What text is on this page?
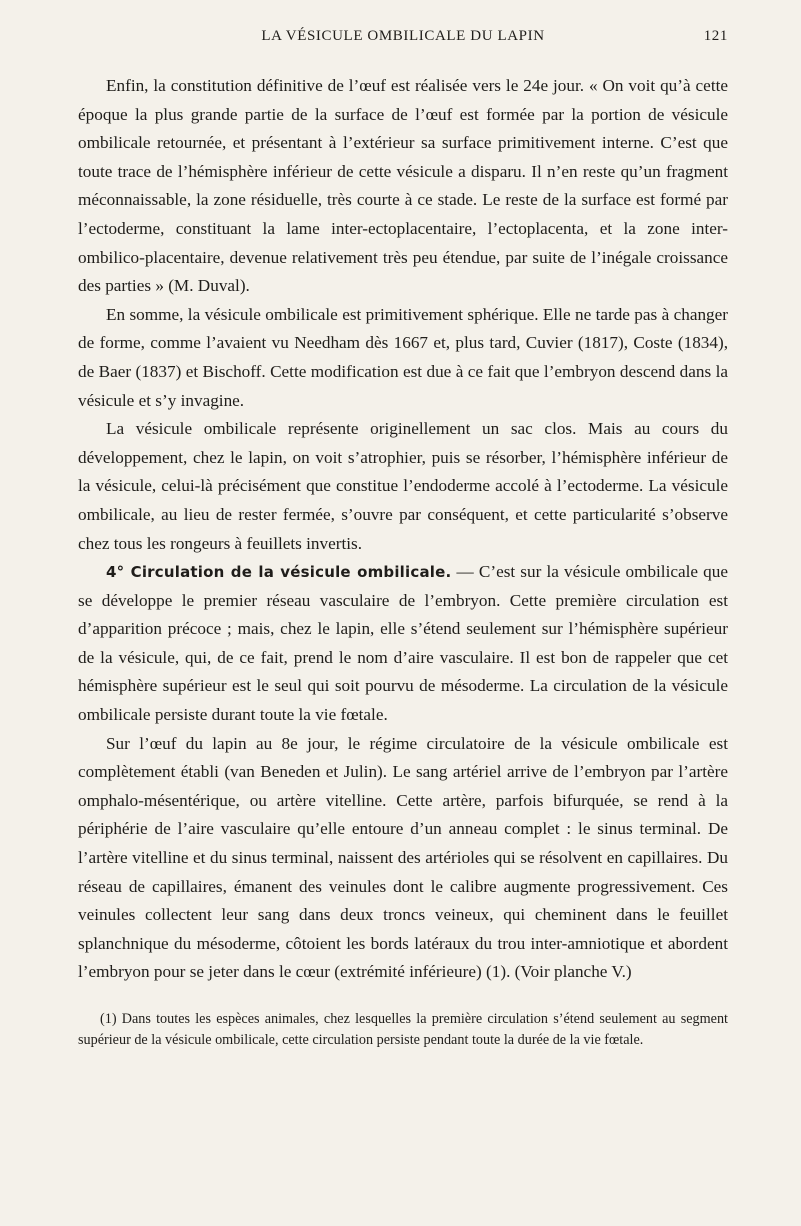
LA VÉSICULE OMBILICALE DU LAPIN	121

Enfin, la constitution définitive de l’œuf est réalisée vers le 24e jour. « On voit qu’à cette époque la plus grande partie de la surface de l’œuf est formée par la portion de vésicule ombilicale retournée, et présentant à l’extérieur sa surface primitivement interne. C’est que toute trace de l’hémisphère inférieur de cette vésicule a disparu. Il n’en reste qu’un fragment méconnaissable, la zone résiduelle, très courte à ce stade. Le reste de la surface est formé par l’ectoderme, constituant la lame inter-ectoplacentaire, l’ectoplacenta, et la zone inter-ombilico-placentaire, devenue relativement très peu étendue, par suite de l’inégale croissance des parties » (M. Duval).

En somme, la vésicule ombilicale est primitivement sphérique. Elle ne tarde pas à changer de forme, comme l’avaient vu Needham dès 1667 et, plus tard, Cuvier (1817), Coste (1834), de Baer (1837) et Bischoff. Cette modification est due à ce fait que l’embryon descend dans la vésicule et s’y invagine.

La vésicule ombilicale représente originellement un sac clos. Mais au cours du développement, chez le lapin, on voit s’atrophier, puis se résorber, l’hémisphère inférieur de la vésicule, celui-là précisément que constitue l’endoderme accolé à l’ectoderme. La vésicule ombilicale, au lieu de rester fermée, s’ouvre par conséquent, et cette particularité s’observe chez tous les rongeurs à feuillets invertis.

4° Circulation de la vésicule ombilicale. — C’est sur la vésicule ombilicale que se développe le premier réseau vasculaire de l’embryon. Cette première circulation est d’apparition précoce ; mais, chez le lapin, elle s’étend seulement sur l’hémisphère supérieur de la vésicule, qui, de ce fait, prend le nom d’aire vasculaire. Il est bon de rappeler que cet hémisphère supérieur est le seul qui soit pourvu de mésoderme. La circulation de la vésicule ombilicale persiste durant toute la vie fœtale.

Sur l’œuf du lapin au 8e jour, le régime circulatoire de la vésicule ombilicale est complètement établi (van Beneden et Julin). Le sang artériel arrive de l’embryon par l’artère omphalo-mésentérique, ou artère vitelline. Cette artère, parfois bifurquée, se rend à la périphérie de l’aire vasculaire qu’elle entoure d’un anneau complet : le sinus terminal. De l’artère vitelline et du sinus terminal, naissent des artérioles qui se résolvent en capillaires. Du réseau de capillaires, émanent des veinules dont le calibre augmente progressivement. Ces veinules collectent leur sang dans deux troncs veineux, qui cheminent dans le feuillet splanchnique du mésoderme, côtoient les bords latéraux du trou inter-amniotique et abordent l’embryon pour se jeter dans le cœur (extrémité inférieure) (1). (Voir planche V.)

(1) Dans toutes les espèces animales, chez lesquelles la première circulation s’étend seulement au segment supérieur de la vésicule ombilicale, cette circulation persiste pendant toute la durée de la vie fœtale.
